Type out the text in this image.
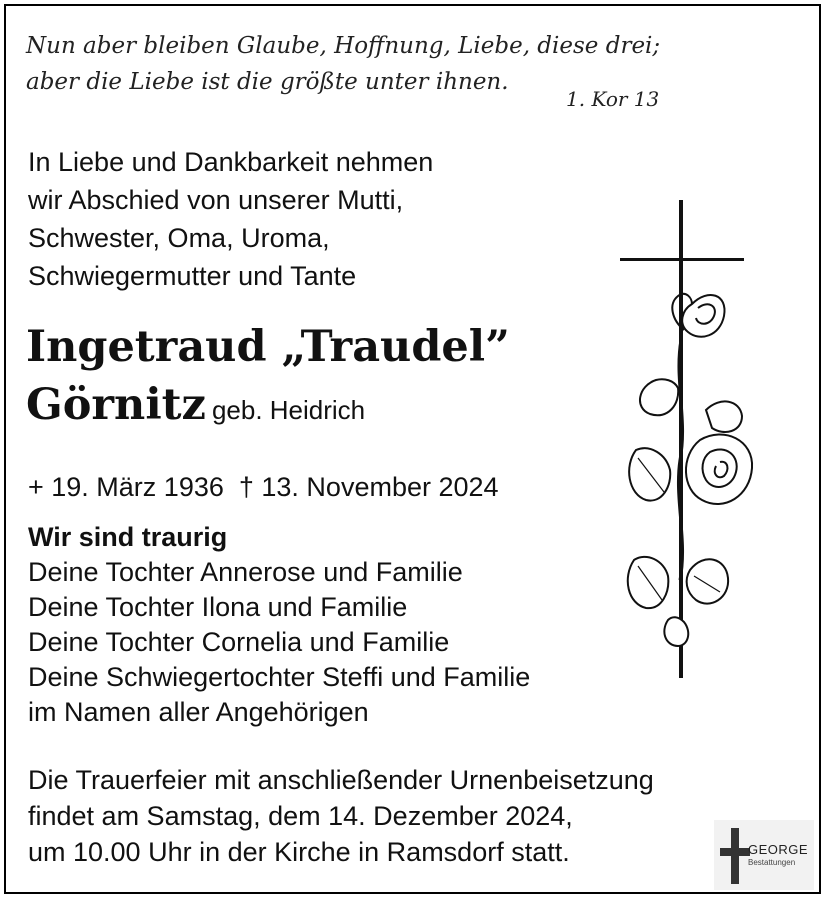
Nun aber bleiben Glaube, Hoffnung, Liebe, diese drei;
aber die Liebe ist die größte unter ihnen.
1. Kor 13
In Liebe und Dankbarkeit nehmen
wir Abschied von unserer Mutti,
Schwester, Oma, Uroma,
Schwiegermutter und Tante
Ingetraud „Traudel”
Görnitz geb. Heidrich
+ 19. März 1936  † 13. November 2024
Wir sind traurig
Deine Tochter Annerose und Familie
Deine Tochter Ilona und Familie
Deine Tochter Cornelia und Familie
Deine Schwiegertochter Steffi und Familie
im Namen aller Angehörigen
Die Trauerfeier mit anschließender Urnenbeisetzung
findet am Samstag, dem 14. Dezember 2024,
um 10.00 Uhr in der Kirche in Ramsdorf statt.	GEORGE
Bestattungen
